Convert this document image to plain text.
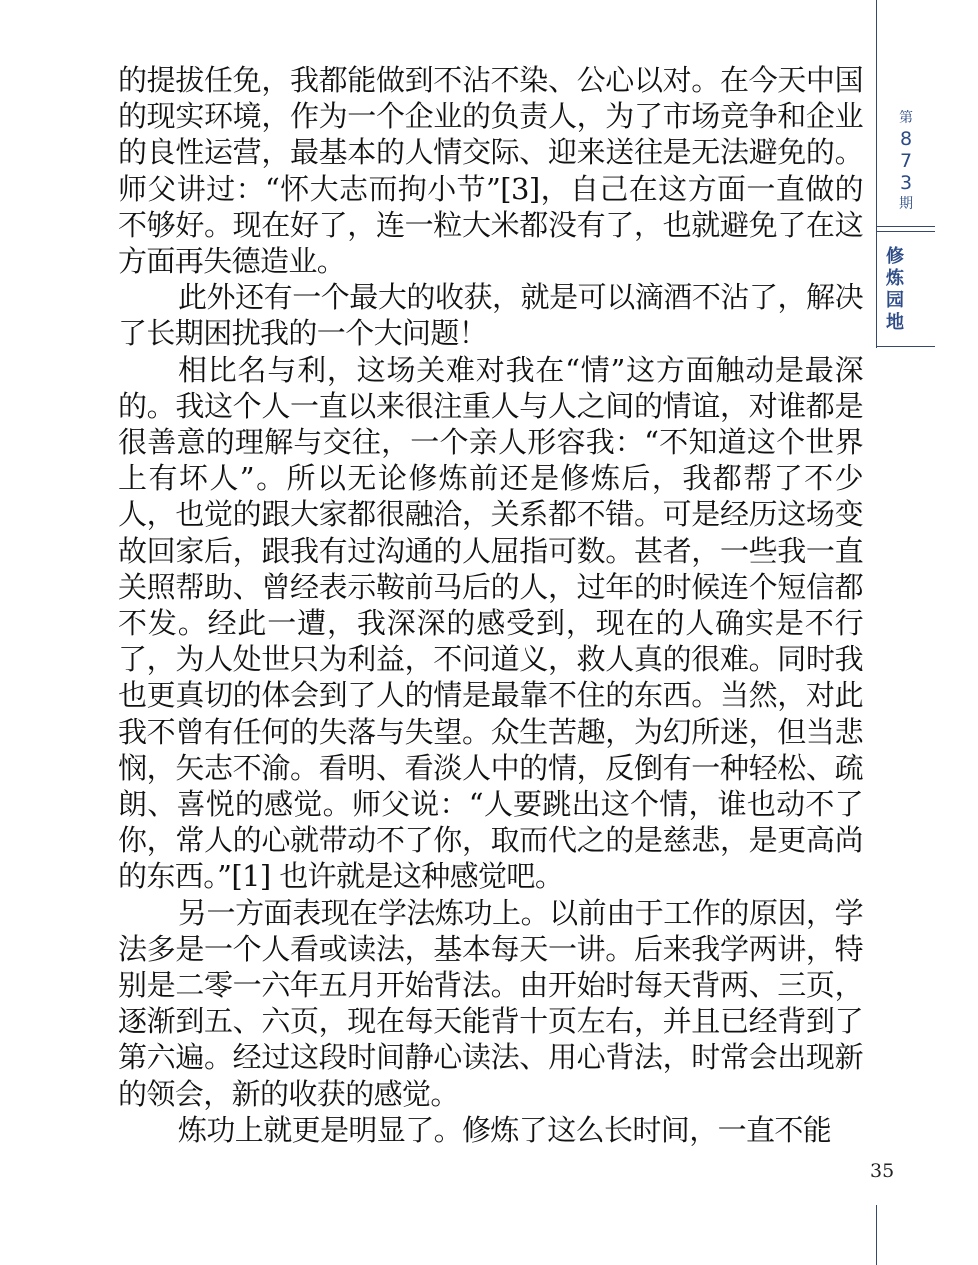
的提拔任免，我都能做到不沾不染、公心以对。在今天中国的现实环境，作为一个企业的负责人，为了市场竞争和企业的良性运营，最基本的人情交际、迎来送往是无法避免的。师父讲过：“怀大志而拘小节”[3]，自己在这方面一直做的不够好。现在好了，连一粒大米都没有了，也就避免了在这方面再失德造业。

此外还有一个最大的收获，就是可以滴酒不沾了，解决了长期困扰我的一个大问题！

相比名与利，这场关难对我在“情”这方面触动是最深的。我这个人一直以来很注重人与人之间的情谊，对谁都是很善意的理解与交往，一个亲人形容我：“不知道这个世界上有坏人”。所以无论修炼前还是修炼后，我都帮了不少人，也觉的跟大家都很融洽，关系都不错。可是经历这场变故回家后，跟我有过沟通的人屈指可数。甚者，一些我一直关照帮助、曾经表示鞍前马后的人，过年的时候连个短信都不发。经此一遭，我深深的感受到，现在的人确实是不行了，为人处世只为利益，不问道义，救人真的很难。同时我也更真切的体会到了人的情是最靠不住的东西。当然，对此我不曾有任何的失落与失望。众生苦趣，为幻所迷，但当悲悯，矢志不渝。看明、看淡人中的情，反倒有一种轻松、疏朗、喜悦的感觉。师父说：“人要跳出这个情，谁也动不了你，常人的心就带动不了你，取而代之的是慈悲，是更高尚的东西。”[1] 也许就是这种感觉吧。

另一方面表现在学法炼功上。以前由于工作的原因，学法多是一个人看或读法，基本每天一讲。后来我学两讲，特别是二零一六年五月开始背法。由开始时每天背两、三页，逐渐到五、六页，现在每天能背十页左右，并且已经背到了第六遍。经过这段时间静心读法、用心背法，时常会出现新的领会，新的收获的感觉。

炼功上就更是明显了。修炼了这么长时间，一直不能

第
8
7
3
期
修
炼
园
地
35
